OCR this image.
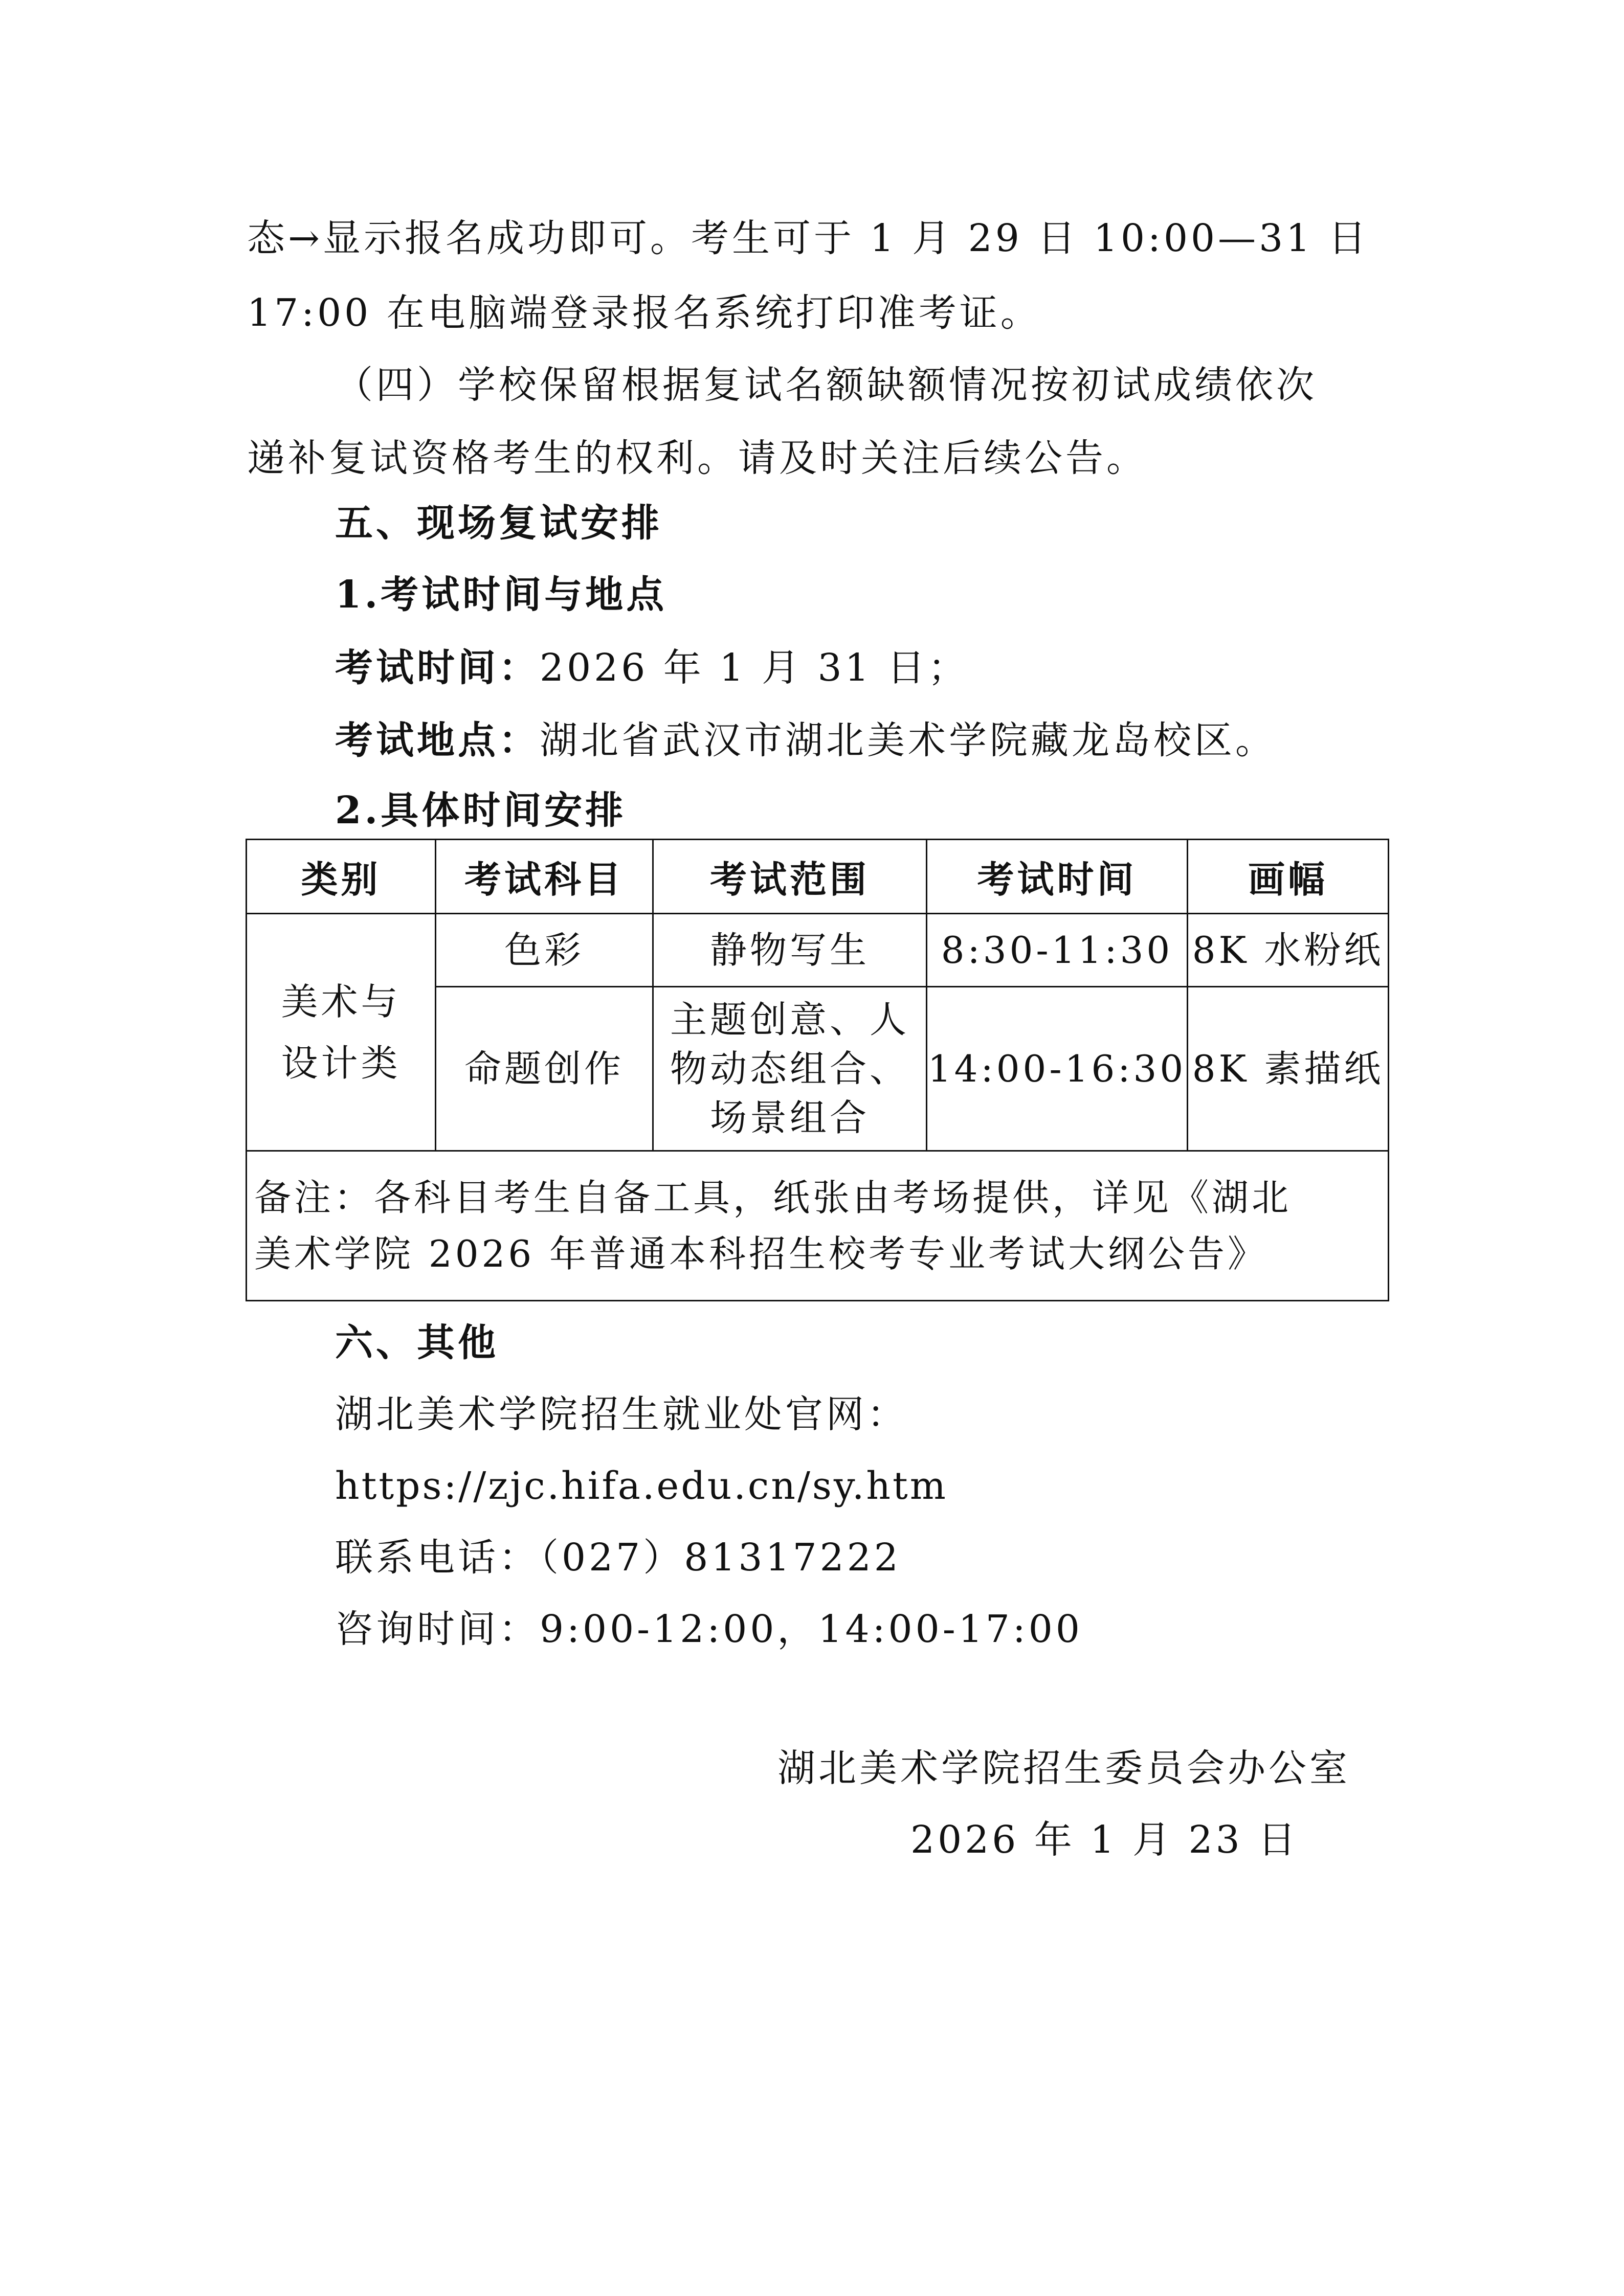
态→显示报名成功即可。考生可于 1 月 29 日 10:00—31 日
17:00 在电脑端登录报名系统打印准考证。
（四）学校保留根据复试名额缺额情况按初试成绩依次
递补复试资格考生的权利。请及时关注后续公告。
五、现场复试安排
1.考试时间与地点
考试时间：2026 年 1 月 31 日；
考试地点：湖北省武汉市湖北美术学院藏龙岛校区。
2.具体时间安排
类别	考试科目	考试范围	考试时间	画幅

美术与
设计类	色彩	静物写生	8:30-11:30	8K 水粉纸
	命题创作	主题创意、人
物动态组合、
场景组合	14:00-16:30	8K 素描纸

备注：各科目考生自备工具，纸张由考场提供，详见《湖北
美术学院 2026 年普通本科招生校考专业考试大纲公告》				
六、其他
湖北美术学院招生就业处官网：
https://zjc.hifa.edu.cn/sy.htm
联系电话：（027）81317222
咨询时间：9:00-12:00，14:00-17:00
湖北美术学院招生委员会办公室
2026 年 1 月 23 日
